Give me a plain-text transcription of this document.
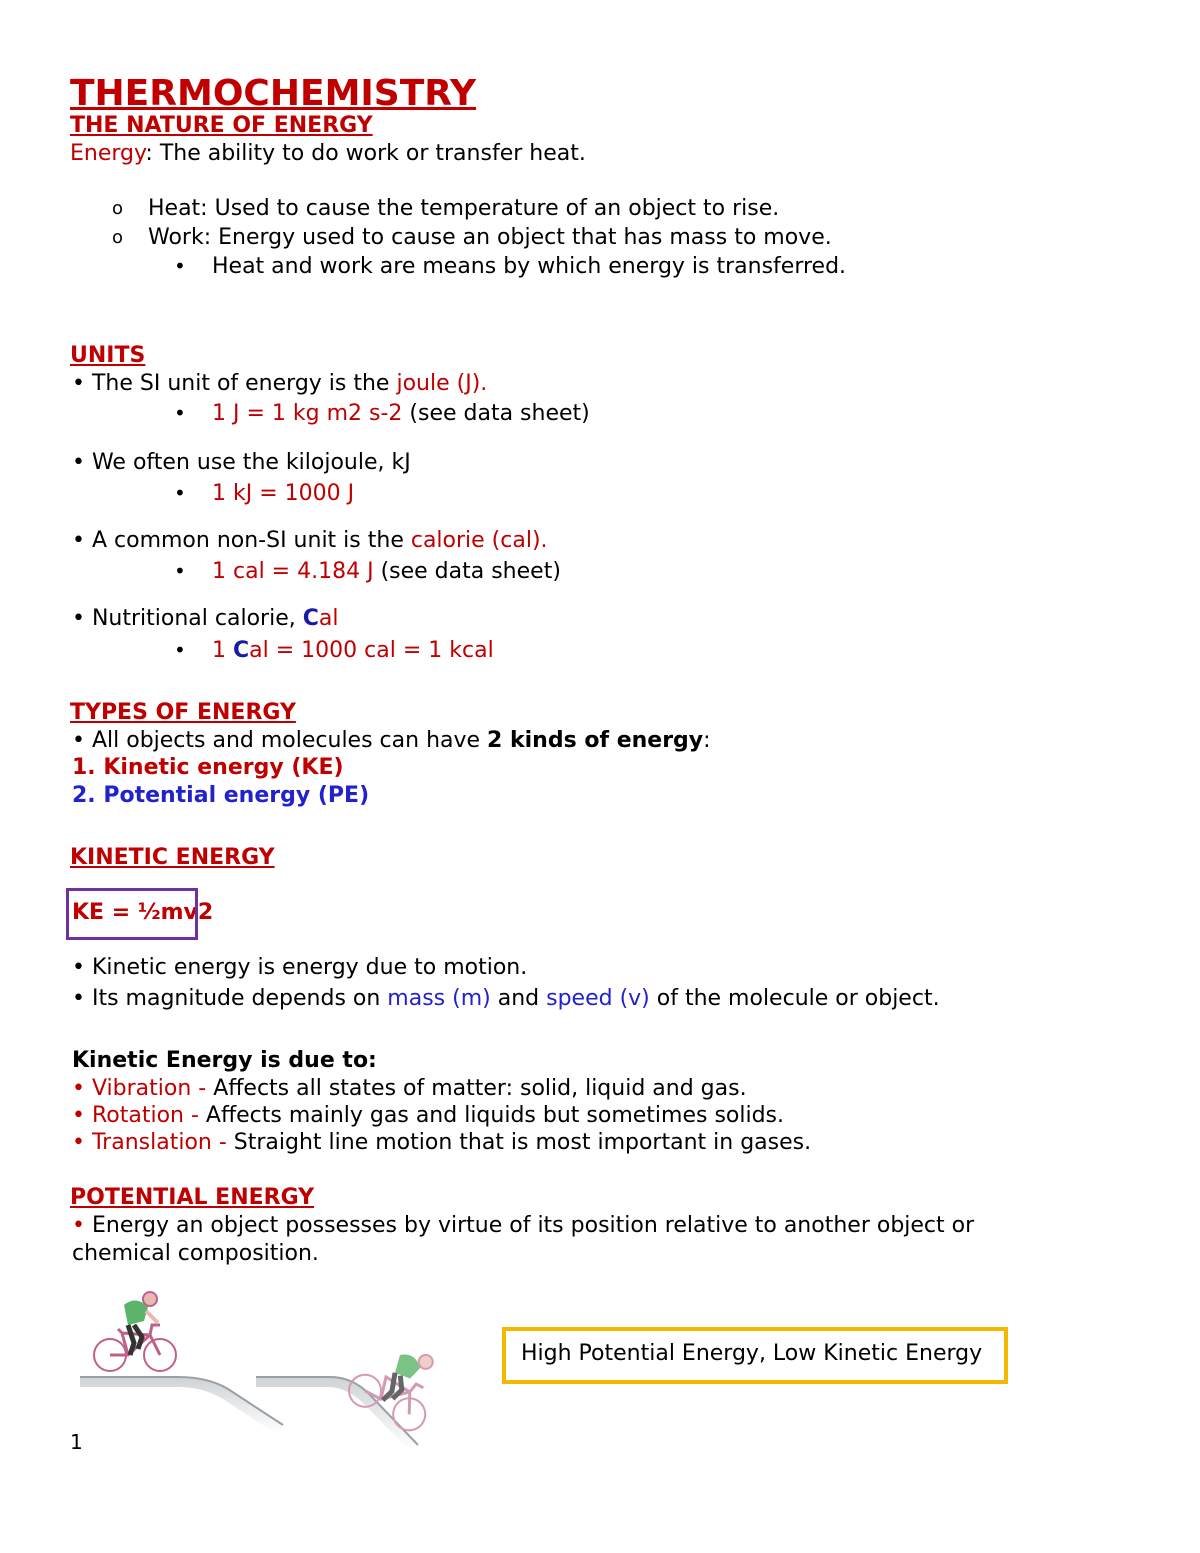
THERMOCHEMISTRY
THE NATURE OF ENERGY
Energy: The ability to do work or transfer heat.
o Heat: Used to cause the temperature of an object to rise.
o Work: Energy used to cause an object that has mass to move.
• Heat and work are means by which energy is transferred.
UNITS
• The SI unit of energy is the joule (J).
• 1 J = 1 kg m2 s-2 (see data sheet)
• We often use the kilojoule, kJ
• 1 kJ = 1000 J
• A common non-SI unit is the calorie (cal).
• 1 cal = 4.184 J (see data sheet)
• Nutritional calorie, Cal
• 1 Cal = 1000 cal = 1 kcal
TYPES OF ENERGY
• All objects and molecules can have 2 kinds of energy:
1. Kinetic energy (KE)
2. Potential energy (PE)
KINETIC ENERGY
KE = ½mv2
• Kinetic energy is energy due to motion.
• Its magnitude depends on mass (m) and speed (v) of the molecule or object.
Kinetic Energy is due to:
• Vibration - Affects all states of matter: solid, liquid and gas.
• Rotation - Affects mainly gas and liquids but sometimes solids.
• Translation - Straight line motion that is most important in gases.
POTENTIAL ENERGY
• Energy an object possesses by virtue of its position relative to another object or
chemical composition.
High Potential Energy, Low Kinetic Energy
1
